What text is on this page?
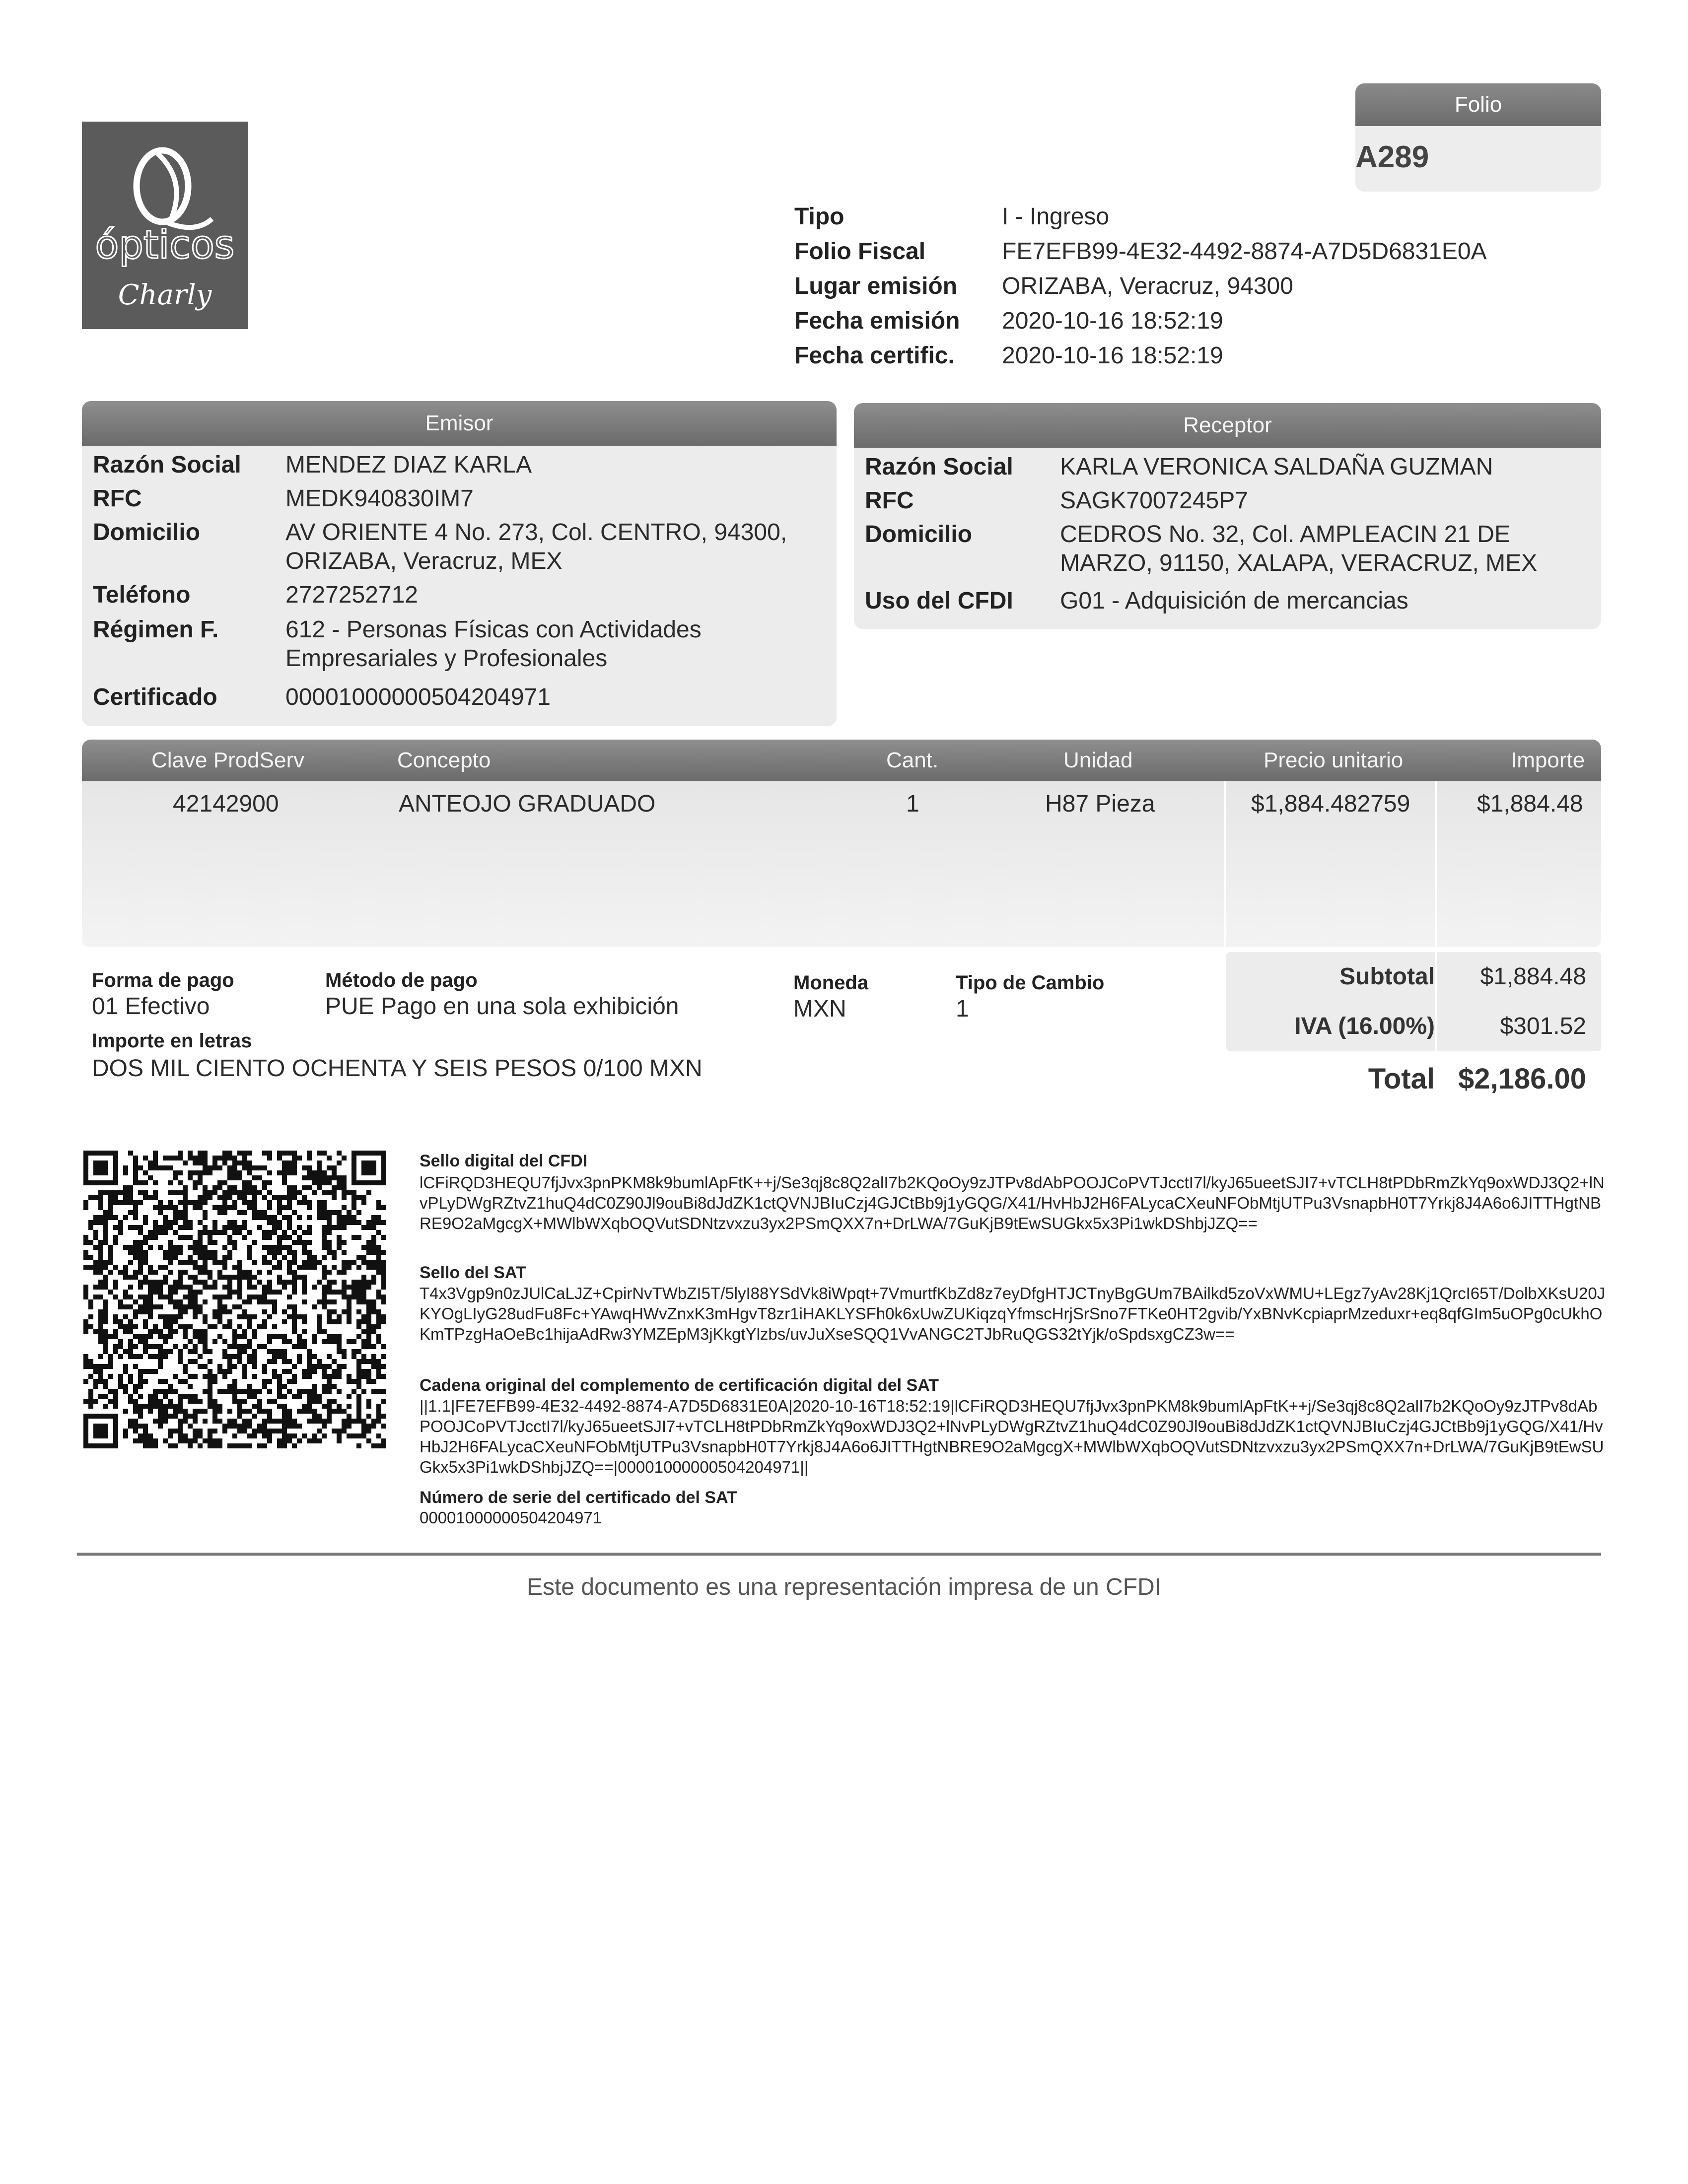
ópticos
Charly
Folio
A289
Tipo	I - Ingreso
Folio Fiscal	FE7EFB99-4E32-4492-8874-A7D5D6831E0A
Lugar emisión	ORIZABA, Veracruz, 94300
Fecha emisión	2020-10-16 18:52:19
Fecha certific.	2020-10-16 18:52:19
Emisor
Razón Social	MENDEZ DIAZ KARLA
RFC	MEDK940830IM7
Domicilio	AV ORIENTE 4 No. 273, Col. CENTRO, 94300,
ORIZABA, Veracruz, MEX
Teléfono	2727252712
Régimen F.	612 - Personas Físicas con Actividades
Empresariales y Profesionales
Certificado	00001000000504204971
Receptor
Razón Social	KARLA VERONICA SALDAÑA GUZMAN
RFC	SAGK7007245P7
Domicilio	CEDROS No. 32, Col. AMPLEACIN 21 DE
MARZO, 91150, XALAPA, VERACRUZ, MEX
Uso del CFDI	G01 - Adquisición de mercancias
Clave ProdServ	Concepto	Cant.	Unidad	Precio unitario	Importe
42142900	ANTEOJO GRADUADO	1	H87 Pieza	$1,884.482759	$1,884.48
Forma de pago
01 Efectivo
Método de pago
PUE Pago en una sola exhibición
Moneda
MXN
Tipo de Cambio
1
Importe en letras
DOS MIL CIENTO OCHENTA Y SEIS PESOS 0/100 MXN
Subtotal $1,884.48
IVA (16.00%)	$301.52
Total $2,186.00
Sello digital del CFDI
lCFiRQD3HEQU7fjJvx3pnPKM8k9bumlApFtK++j/Se3qj8c8Q2alI7b2KQoOy9zJTPv8dAbPOOJCoPVTJcctI7l/kyJ65ueetSJI7+vTCLH8tPDbRmZkYq9oxWDJ3Q2+lNvPLyDWgRZtvZ1huQ4dC0Z90Jl9ouBi8dJdZK1ctQVNJBIuCzj4GJCtBb9j1yGQG/X41/HvHbJ2H6FALycaCXeuNFObMtjUTPu3VsnapbH0T7Yrkj8J4A6o6JITTHgtNBRE9O2aMgcgX+MWlbWXqbOQVutSDNtzvxzu3yx2PSmQXX7n+DrLWA/7GuKjB9tEwSUGkx5x3Pi1wkDShbjJZQ==
Sello del SAT
T4x3Vgp9n0zJUlCaLJZ+CpirNvTWbZI5T/5lyI88YSdVk8iWpqt+7VmurtfKbZd8z7eyDfgHTJCTnyBgGUm7BAilkd5zoVxWMU+LEgz7yAv28Kj1QrcI65T/DolbXKsU20JKYOgLIyG28udFu8Fc+YAwqHWvZnxK3mHgvT8zr1iHAKLYSFh0k6xUwZUKiqzqYfmscHrjSrSno7FTKe0HT2gvib/YxBNvKcpiaprMzeduxr+eq8qfGIm5uOPg0cUkhOKmTPzgHaOeBc1hijaAdRw3YMZEpM3jKkgtYlzbs/uvJuXseSQQ1VvANGC2TJbRuQGS32tYjk/oSpdsxgCZ3w==
Cadena original del complemento de certificación digital del SAT
||1.1|FE7EFB99-4E32-4492-8874-A7D5D6831E0A|2020-10-16T18:52:19|lCFiRQD3HEQU7fjJvx3pnPKM8k9bumlApFtK++j/Se3qj8c8Q2alI7b2KQoOy9zJTPv8dAbPOOJCoPVTJcctI7l/kyJ65ueetSJI7+vTCLH8tPDbRmZkYq9oxWDJ3Q2+lNvPLyDWgRZtvZ1huQ4dC0Z90Jl9ouBi8dJdZK1ctQVNJBIuCzj4GJCtBb9j1yGQG/X41/HvHbJ2H6FALycaCXeuNFObMtjUTPu3VsnapbH0T7Yrkj8J4A6o6JITTHgtNBRE9O2aMgcgX+MWlbWXqbOQVutSDNtzvxzu3yx2PSmQXX7n+DrLWA/7GuKjB9tEwSUGkx5x3Pi1wkDShbjJZQ==|00001000000504204971||
Número de serie del certificado del SAT
00001000000504204971
Este documento es una representación impresa de un CFDI
